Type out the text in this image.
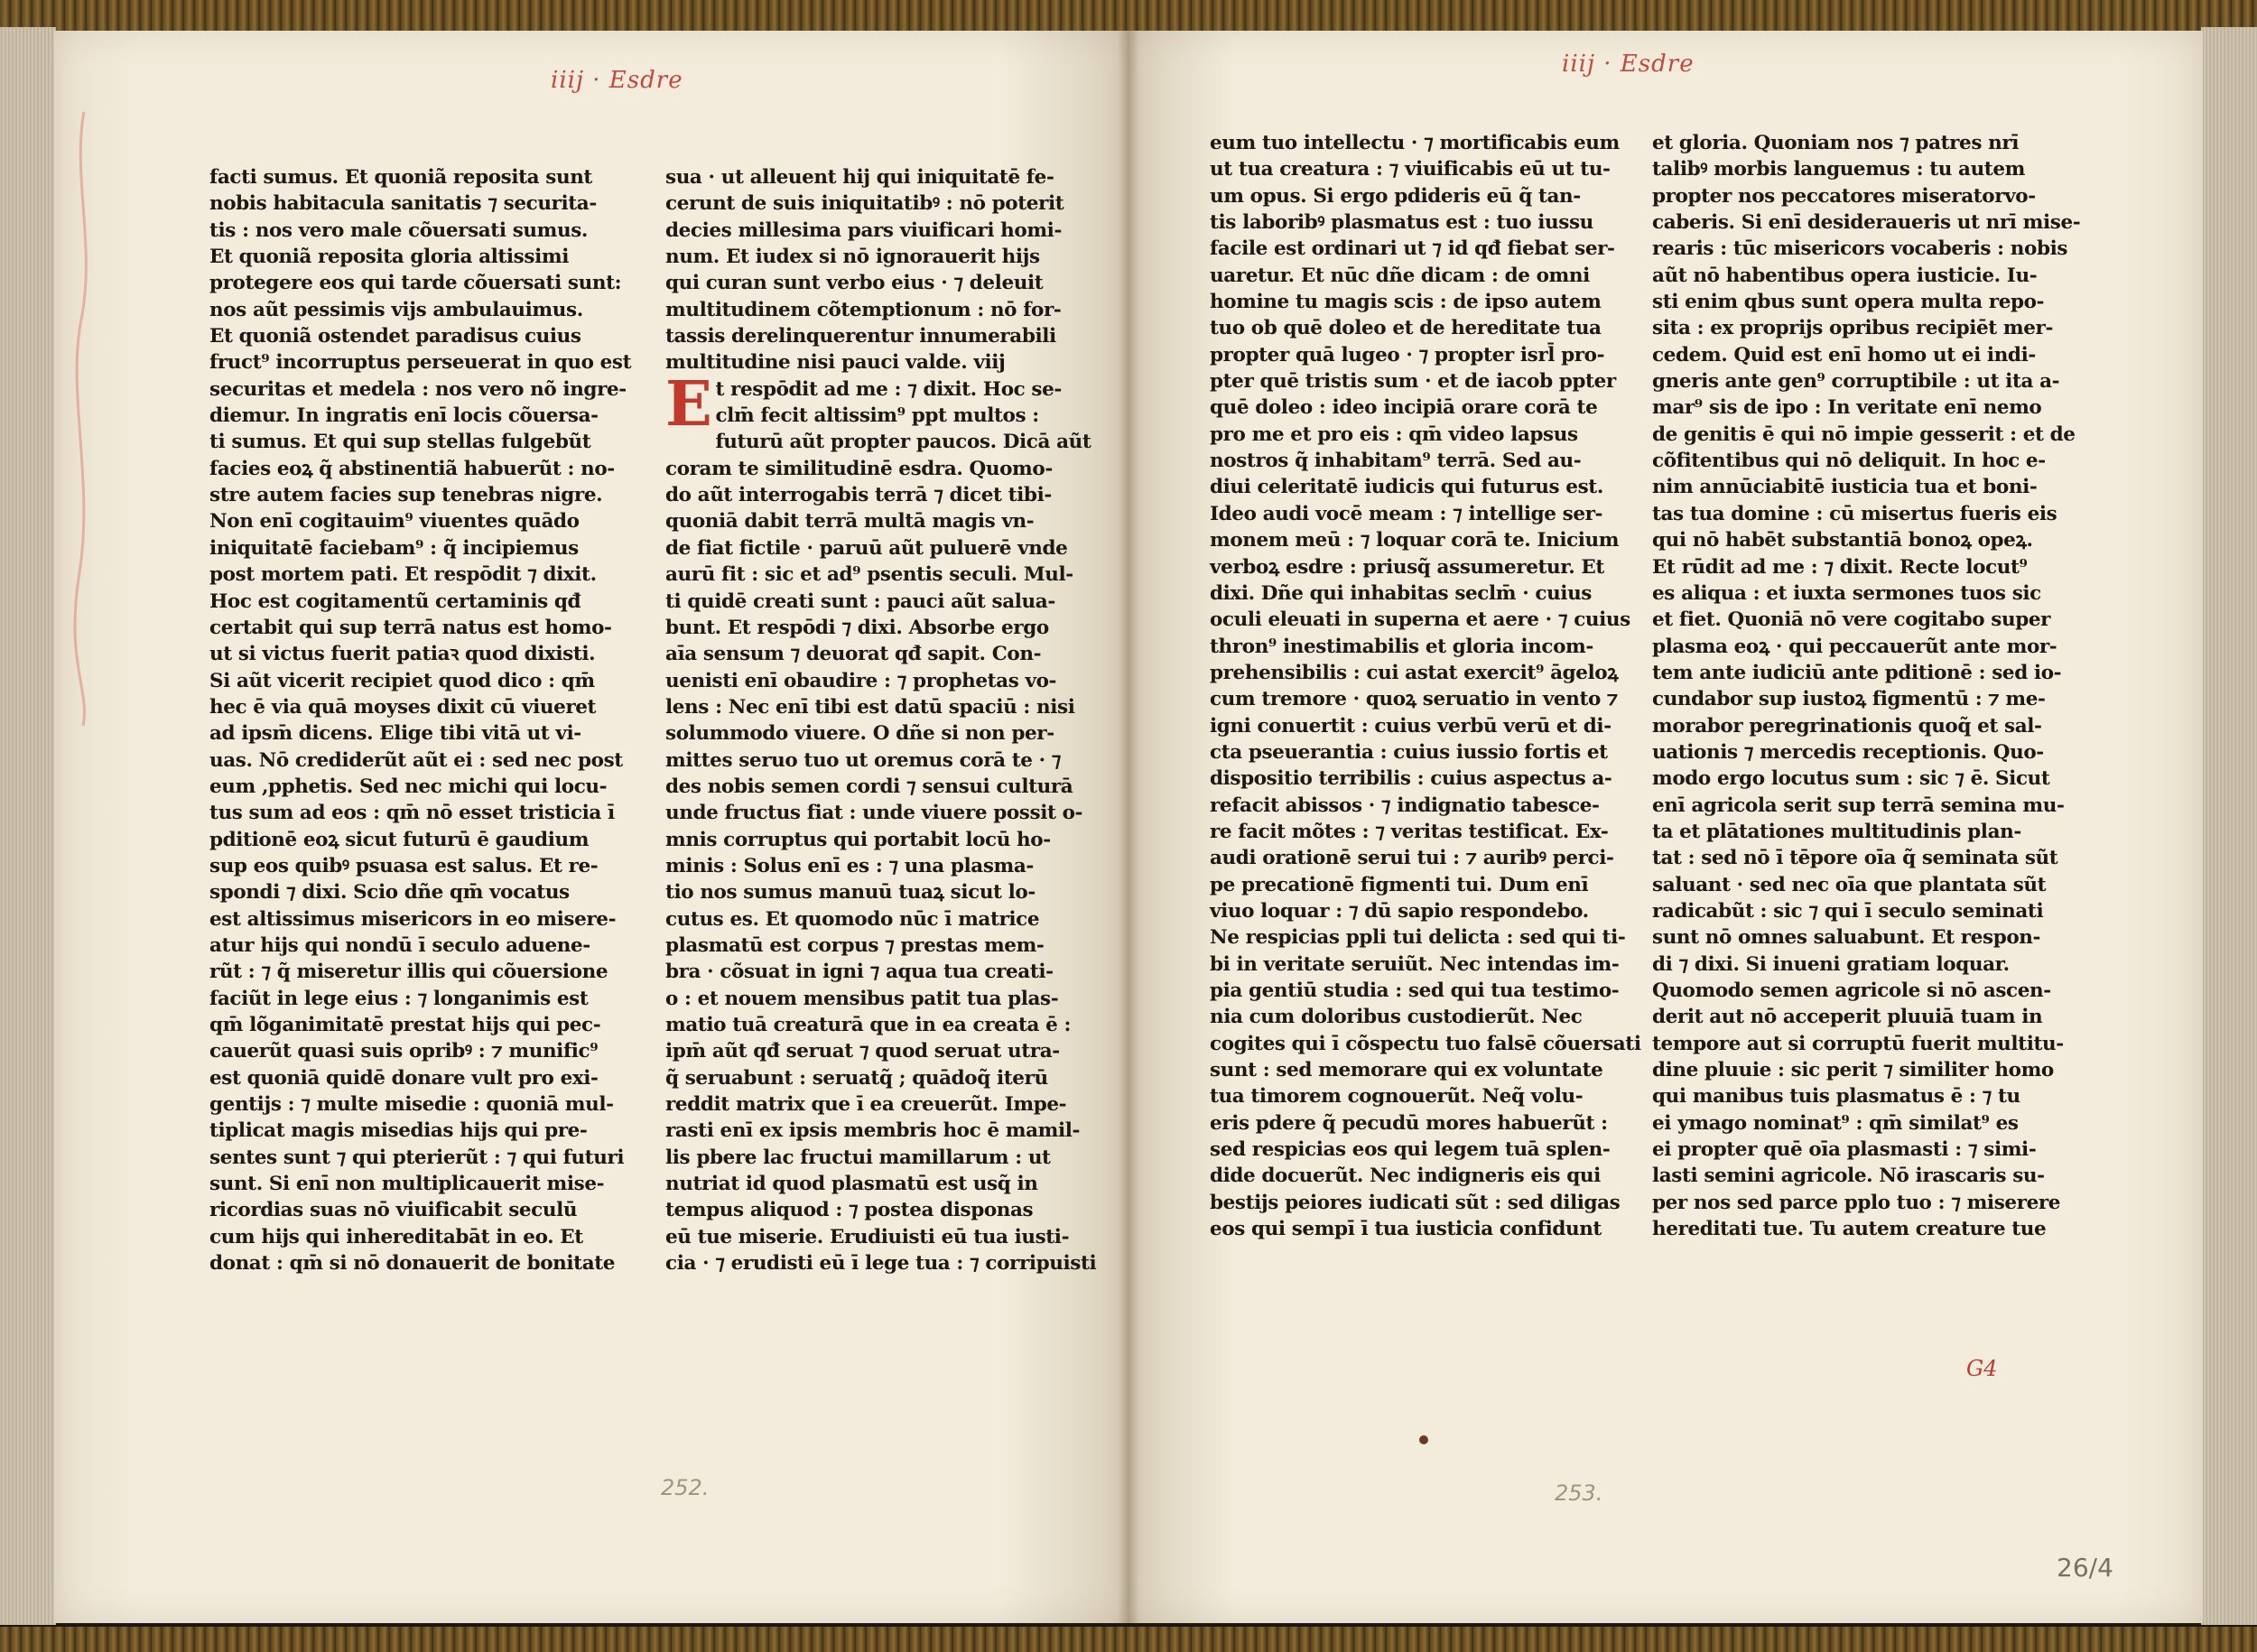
iiij · Esdre
facti sumus. Et quoniã reposita sunt
nobis habitacula sanitatis ⁊ securita-
tis : nos vero male cõuersati sumus.
Et quoniã reposita gloria altissimi
protegere eos qui tarde cõuersati sunt:
nos aũt pessimis vijs ambulauimus.
Et quoniã ostendet paradisus cuius
fruct⁹ incorruptus perseuerat in quo est
securitas et medela : nos vero nõ ingre-
diemur. In ingratis enī locis cõuersa-
ti sumus. Et qui sup stellas fulgebũt
facies eoꝝ q̃ abstinentiã habuerũt : no-
stre autem facies sup tenebras nigre.
Non enī cogitauim⁹ viuentes quādo
iniquitatē faciebam⁹ : q̃ incipiemus
post mortem pati. Et respōdit ⁊ dixit.
Hoc est cogitamentũ certaminis qđ
certabit qui sup terrā natus est homo-
ut si victus fuerit patiaꝛ quod dixisti.
Si aũt vicerit recipiet quod dico : qm̄
hec ē via quā moyses dixit cū viueret
ad ipsm̄ dicens. Elige tibi vitā ut vi-
uas. Nō crediderũt aũt ei : sed nec post
eum ,pphetis. Sed nec michi qui locu-
tus sum ad eos : qm̄ nō esset tristicia ī
pditionē eoꝝ sicut futurū ē gaudium
sup eos quibꝰ psuasa est salus. Et re-
spondi ⁊ dixi. Scio dñe qm̄ vocatus
est altissimus misericors in eo misere-
atur hijs qui nondū ī seculo aduene-
rũt : ⁊ q̃ miseretur illis qui cõuersione
faciũt in lege eius : ⁊ longanimis est
qm̄ lõganimitatē prestat hijs qui pec-
cauerũt quasi suis opribꝰ : ⁊ munific⁹
est quoniā quidē donare vult pro exi-
gentijs : ⁊ multe misedie : quoniā mul-
tiplicat magis misedias hijs qui pre-
sentes sunt ⁊ qui pterierũt : ⁊ qui futuri
sunt. Si enī non multiplicauerit mise-
ricordias suas nō viuificabit seculū
cum hijs qui inhereditabāt in eo. Et
donat : qm̄ si nō donauerit de bonitate
sua · ut alleuent hij qui iniquitatē fe-
cerunt de suis iniquitatibꝰ : nō poterit
decies millesima pars viuificari homi-
num. Et iudex si nō ignorauerit hijs
qui curan sunt verbo eius · ⁊ deleuit
multitudinem cõtemptionum : nō for-
tassis derelinquerentur innumerabili
multitudine nisi pauci valde. viij
Et respōdit ad me : ⁊ dixit. Hoc se-
clm̄ fecit altissim⁹ ppt multos :
futurū aũt propter paucos. Dicā aũt
coram te similitudinē esdra. Quomo-
do aũt interrogabis terrā ⁊ dicet tibi-
quoniā dabit terrā multā magis vn-
de fiat fictile · paruū aũt puluerē vnde
aurū fit : sic et ad⁹ psentis seculi. Mul-
ti quidē creati sunt : pauci aũt salua-
bunt. Et respōdi ⁊ dixi. Absorbe ergo
aīa sensum ⁊ deuorat qđ sapit. Con-
uenisti enī obaudire : ⁊ prophetas vo-
lens : Nec enī tibi est datū spaciū : nisi
solummodo viuere. O dñe si non per-
mittes seruo tuo ut oremus corā te · ⁊
des nobis semen cordi ⁊ sensui culturā
unde fructus fiat : unde viuere possit o-
mnis corruptus qui portabit locū ho-
minis : Solus enī es : ⁊ una plasma-
tio nos sumus manuū tuaꝝ sicut lo-
cutus es. Et quomodo nūc ī matrice
plasmatū est corpus ⁊ prestas mem-
bra · cõsuat in igni ⁊ aqua tua creati-
o : et nouem mensibus patit tua plas-
matio tuā creaturā que in ea creata ē :
ipm̄ aũt qđ seruat ⁊ quod seruat utra-
q̃ seruabunt : seruatq̃ ; quādoq̃ iterū
reddit matrix que ī ea creuerũt. Impe-
rasti enī ex ipsis membris hoc ē mamil-
lis pbere lac fructui mamillarum : ut
nutriat id quod plasmatū est usq̃ in
tempus aliquod : ⁊ postea disponas
eū tue miserie. Erudiuisti eū tua iusti-
cia · ⁊ erudisti eū ī lege tua : ⁊ corripuisti
252.
iiij · Esdre
eum tuo intellectu · ⁊ mortificabis eum
ut tua creatura : ⁊ viuificabis eū ut tu-
um opus. Si ergo pdideris eū q̃ tan-
tis laboribꝰ plasmatus est : tuo iussu
facile est ordinari ut ⁊ id qđ fiebat ser-
uaretur. Et nūc dñe dicam : de omni
homine tu magis scis : de ipso autem
tuo ob quē doleo et de hereditate tua
propter quā lugeo · ⁊ propter isrl̄ pro-
pter quē tristis sum · et de iacob ppter
quē doleo : ideo incipiā orare corā te
pro me et pro eis : qm̄ video lapsus
nostros q̃ inhabitam⁹ terrā. Sed au-
diui celeritatē iudicis qui futurus est.
Ideo audi vocē meam : ⁊ intellige ser-
monem meū : ⁊ loquar corā te. Inicium
verboꝝ esdre : priusq̃ assumeretur. Et
dixi. Dñe qui inhabitas seclm̄ · cuius
oculi eleuati in superna et aere · ⁊ cuius
thron⁹ inestimabilis et gloria incom-
prehensibilis : cui astat exercit⁹ āgeloꝝ
cum tremore · quoꝝ seruatio in vento ⁊
igni conuertit : cuius verbū verū et di-
cta pseuerantia : cuius iussio fortis et
dispositio terribilis : cuius aspectus a-
refacit abissos · ⁊ indignatio tabesce-
re facit mõtes : ⁊ veritas testificat. Ex-
audi orationē serui tui : ⁊ auribꝰ perci-
pe precationē figmenti tui. Dum enī
viuo loquar : ⁊ dū sapio respondebo.
Ne respicias ppli tui delicta : sed qui ti-
bi in veritate seruiũt. Nec intendas im-
pia gentiū studia : sed qui tua testimo-
nia cum doloribus custodierũt. Nec
cogites qui ī cõspectu tuo falsē cõuersati
sunt : sed memorare qui ex voluntate
tua timorem cognouerũt. Neq̃ volu-
eris pdere q̃ pecudū mores habuerũt :
sed respicias eos qui legem tuā splen-
dide docuerũt. Nec indigneris eis qui
bestijs peiores iudicati sũt : sed diligas
eos qui sempī ī tua iusticia confidunt
et gloria. Quoniam nos ⁊ patres nrī
talibꝰ morbis languemus : tu autem
propter nos peccatores miseratorvo-
caberis. Si enī desideraueris ut nrī mise-
rearis : tūc misericors vocaberis : nobis
aũt nō habentibus opera iusticie. Iu-
sti enim qbus sunt opera multa repo-
sita : ex proprijs opribus recipiēt mer-
cedem. Quid est enī homo ut ei indi-
gneris ante gen⁹ corruptibile : ut ita a-
mar⁹ sis de ipo : In veritate enī nemo
de genitis ē qui nō impie gesserit : et de
cõfitentibus qui nō deliquit. In hoc e-
nim annūciabitē iusticia tua et boni-
tas tua domine : cū misertus fueris eis
qui nō habēt substantiā bonoꝝ opeꝝ.
Et rūdit ad me : ⁊ dixit. Recte locut⁹
es aliqua : et iuxta sermones tuos sic
et fiet. Quoniā nō vere cogitabo super
plasma eoꝝ · qui peccauerũt ante mor-
tem ante iudiciū ante pditionē : sed io-
cundabor sup iustoꝝ figmentū : ⁊ me-
morabor peregrinationis quoq̃ et sal-
uationis ⁊ mercedis receptionis. Quo-
modo ergo locutus sum : sic ⁊ ē. Sicut
enī agricola serit sup terrā semina mu-
ta et plātationes multitudinis plan-
tat : sed nō ī tēpore oīa q̃ seminata sũt
saluant · sed nec oīa que plantata sũt
radicabũt : sic ⁊ qui ī seculo seminati
sunt nō omnes saluabunt. Et respon-
di ⁊ dixi. Si inueni gratiam loquar.
Quomodo semen agricole si nō ascen-
derit aut nō acceperit pluuiā tuam in
tempore aut si corruptū fuerit multitu-
dine pluuie : sic perit ⁊ similiter homo
qui manibus tuis plasmatus ē : ⁊ tu
ei ymago nominat⁹ : qm̄ similat⁹ es
ei propter quē oīa plasmasti : ⁊ simi-
lasti semini agricole. Nō irascaris su-
per nos sed parce pplo tuo : ⁊ miserere
hereditati tue. Tu autem creature tue
G4
253.
26/4
